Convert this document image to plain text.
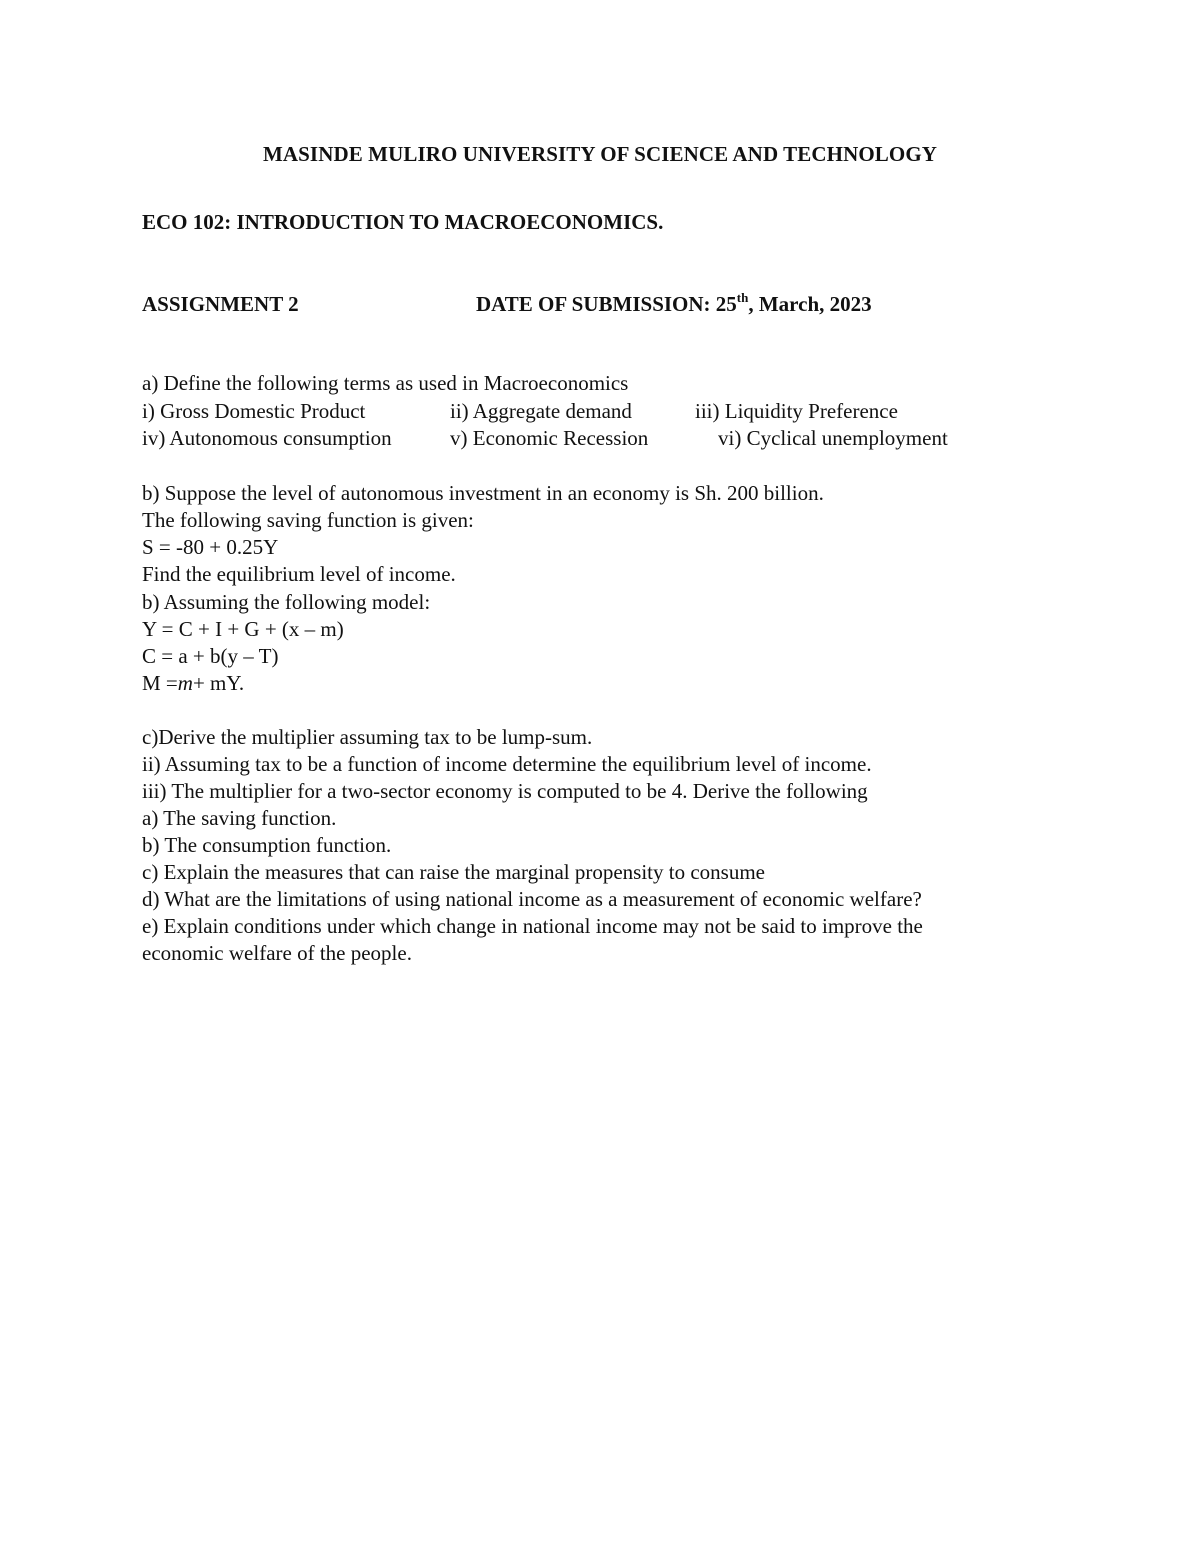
MASINDE MULIRO UNIVERSITY OF SCIENCE AND TECHNOLOGY
ECO 102: INTRODUCTION TO MACROECONOMICS.
ASSIGNMENT 2	DATE OF SUBMISSION: 25th, March, 2023
a) Define the following terms as used in Macroeconomics
i) Gross Domestic Product	ii) Aggregate demand	iii) Liquidity Preference
iv) Autonomous consumption	v) Economic Recession	vi) Cyclical unemployment
b) Suppose the level of autonomous investment in an economy is Sh. 200 billion.
The following saving function is given:
S = -80 + 0.25Y
Find the equilibrium level of income.
b) Assuming the following model:
Y = C + I + G + (x – m)
C = a + b(y – T)
M =m+ mY.
c)Derive the multiplier assuming tax to be lump-sum.
ii) Assuming tax to be a function of income determine the equilibrium level of income.
iii) The multiplier for a two-sector economy is computed to be 4. Derive the following
a) The saving function.
b) The consumption function.
c) Explain the measures that can raise the marginal propensity to consume
d) What are the limitations of using national income as a measurement of economic welfare?
e) Explain conditions under which change in national income may not be said to improve the
economic welfare of the people.
